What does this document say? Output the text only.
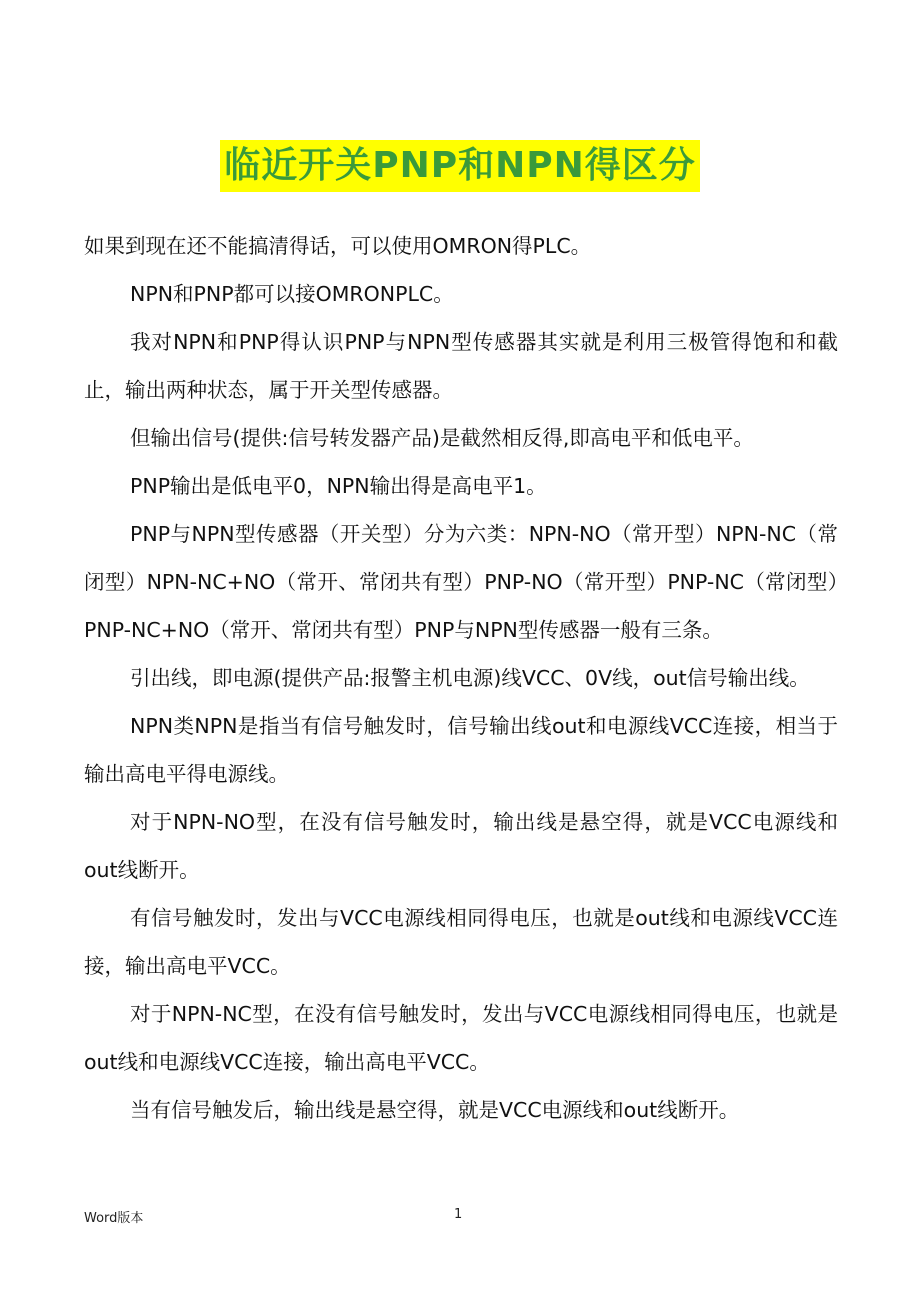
临近开关PNP和NPN得区分

如果到现在还不能搞清得话，可以使用OMRON得PLC。

NPN和PNP都可以接OMRONPLC。

我对NPN和PNP得认识PNP与NPN型传感器其实就是利用三极管得饱和和截止，输出两种状态，属于开关型传感器。

但输出信号(提供:信号转发器产品)是截然相反得,即高电平和低电平。

PNP输出是低电平0，NPN输出得是高电平1。

PNP与NPN型传感器（开关型）分为六类：NPN-NO（常开型）NPN-NC（常闭型）NPN-NC+NO（常开、常闭共有型）PNP-NO（常开型）PNP-NC（常闭型）PNP-NC+NO（常开、常闭共有型）PNP与NPN型传感器一般有三条。

引出线，即电源(提供产品:报警主机电源)线VCC、0V线，out信号输出线。

NPN类NPN是指当有信号触发时，信号输出线out和电源线VCC连接，相当于输出高电平得电源线。

对于NPN-NO型，在没有信号触发时，输出线是悬空得，就是VCC电源线和out线断开。

有信号触发时，发出与VCC电源线相同得电压，也就是out线和电源线VCC连接，输出高电平VCC。

对于NPN-NC型，在没有信号触发时，发出与VCC电源线相同得电压，也就是out线和电源线VCC连接，输出高电平VCC。

当有信号触发后，输出线是悬空得，就是VCC电源线和out线断开。

Word版本	1
